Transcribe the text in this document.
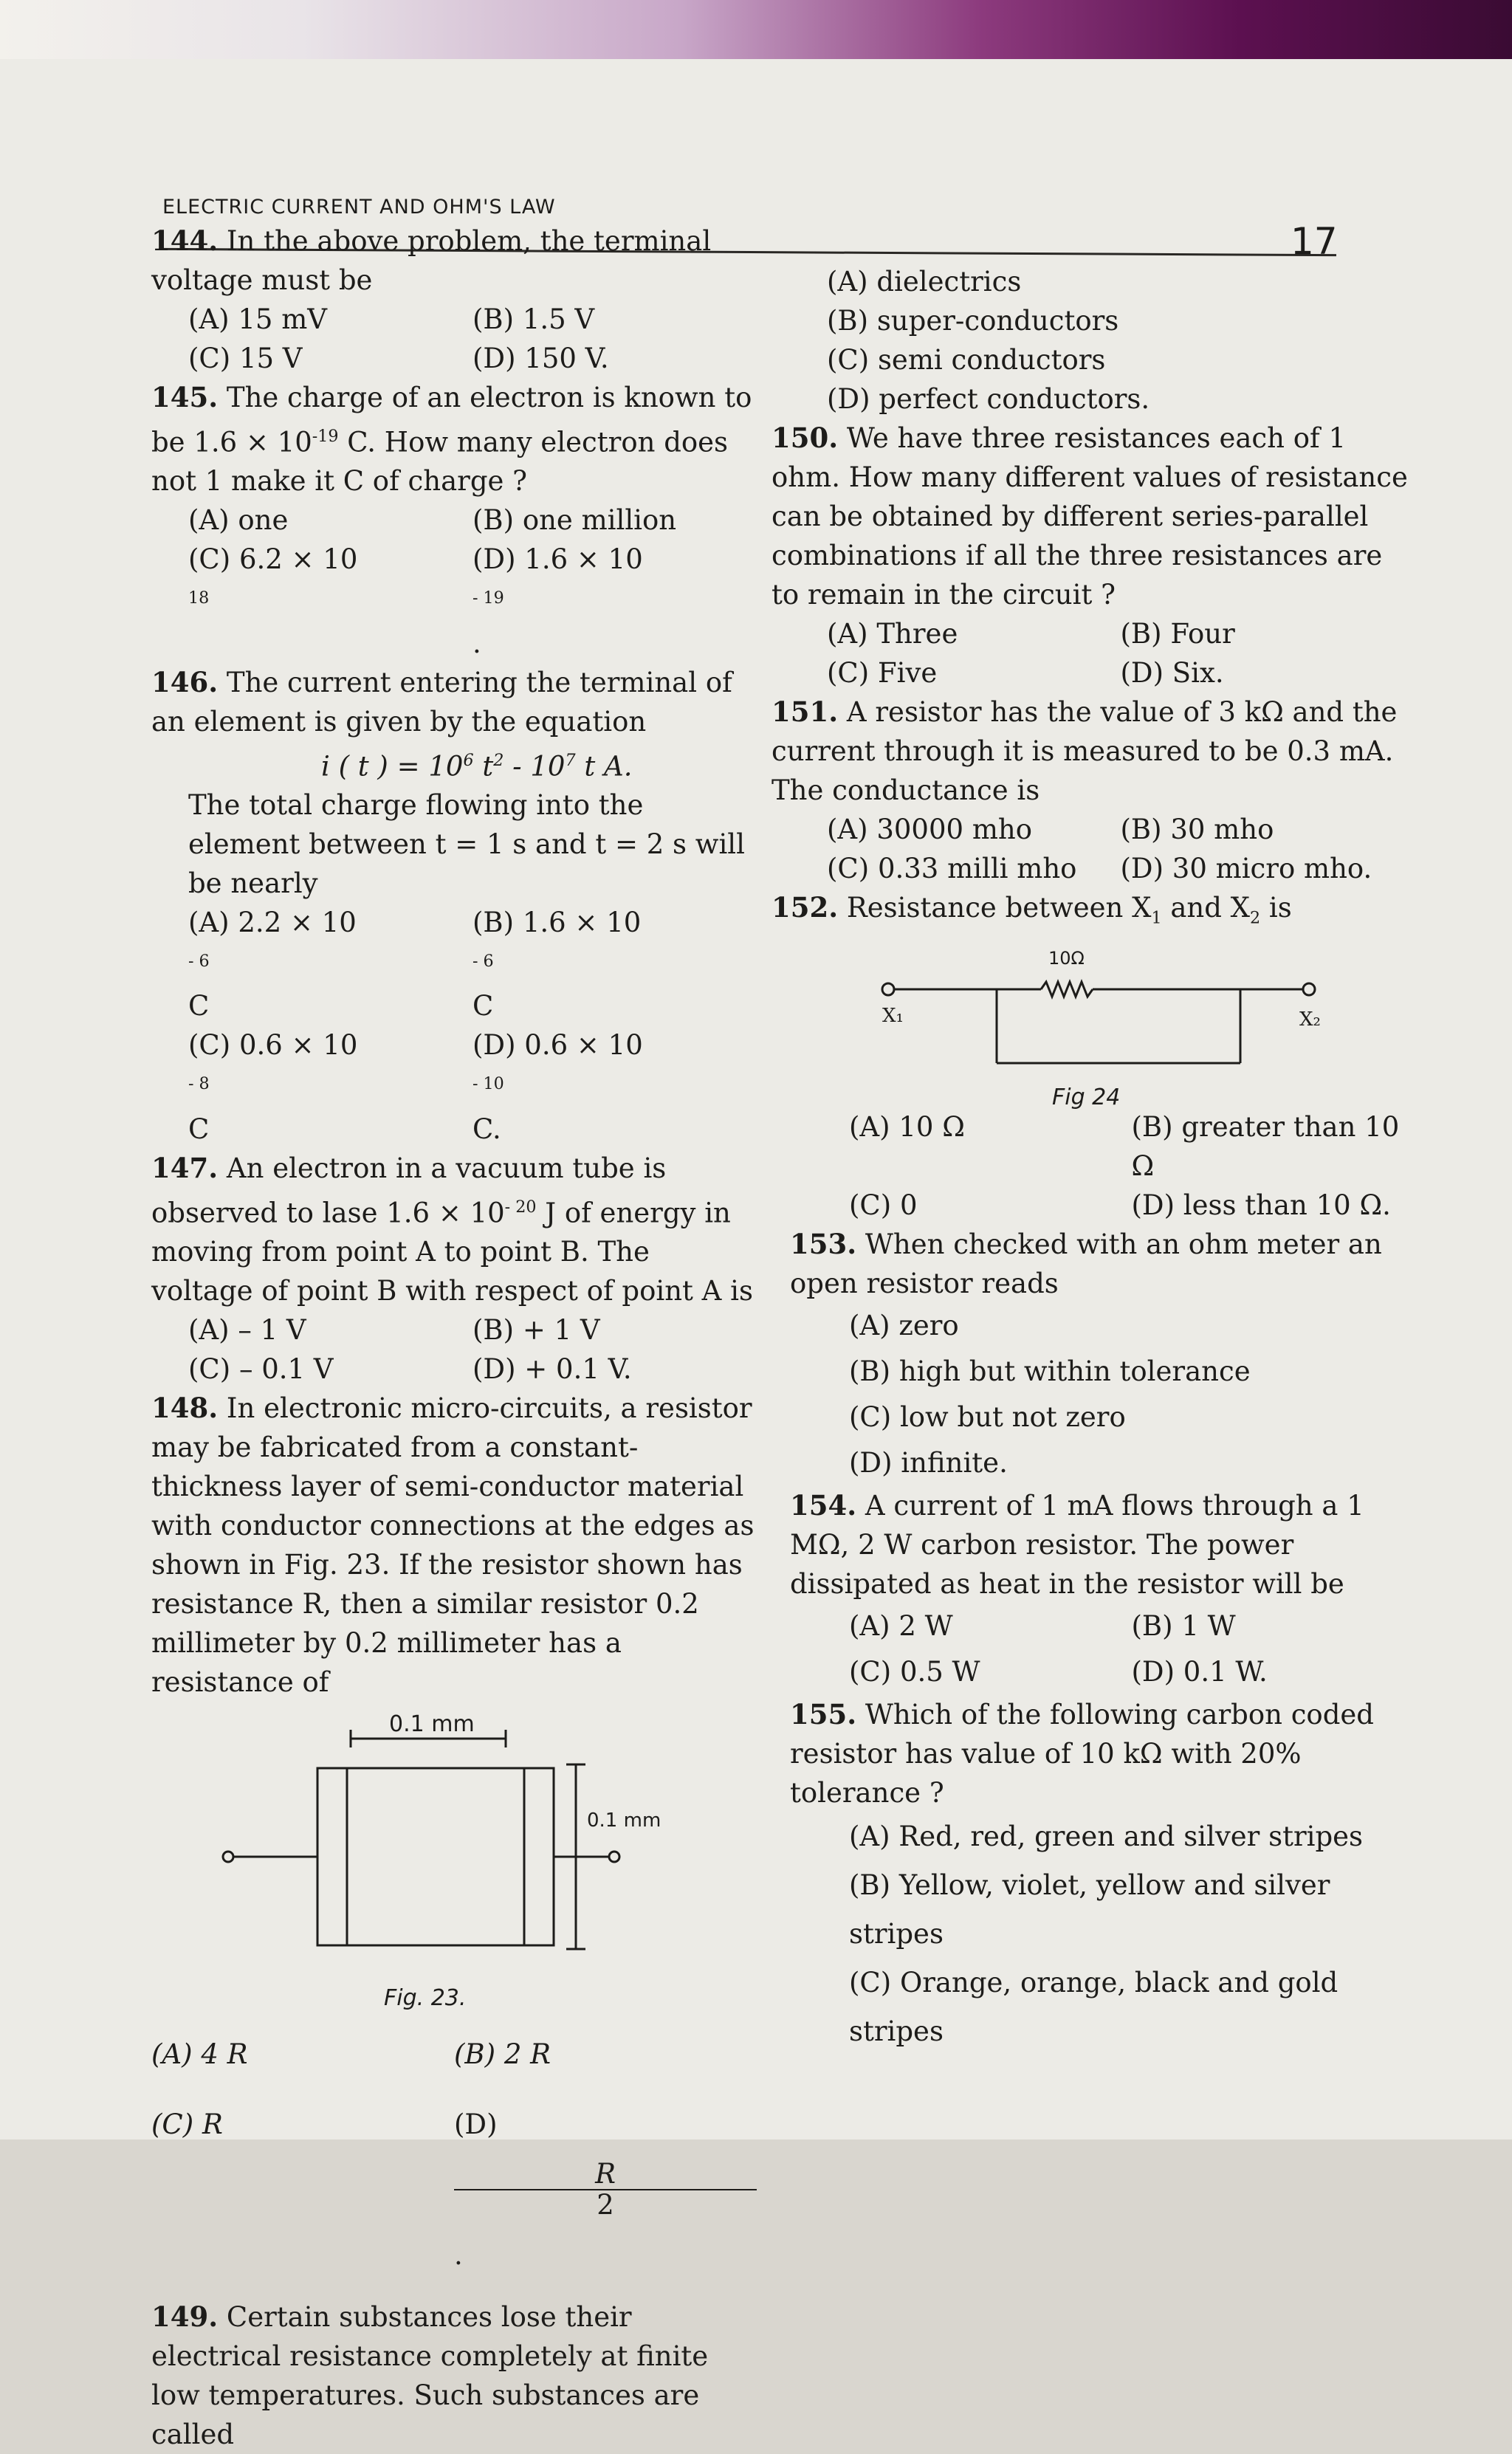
ELECTRIC CURRENT AND OHM'S LAW
17

144. In the above problem, the terminal voltage must be

(A) 15 mV	(B) 1.5 V
(C) 15 V	(D) 150 V.

145. The charge of an electron is known to be $1.6 \times 10^{-19}$ C. How many electron does not 1 make it C of charge ?

(A) one	(B) one million
(C) 6.2 × 10
$^{18}$
(D) 1.6 × 10
$^{- 19}$
.

146. The current entering the terminal of an element is given by the equation

i ( t ) = $10^6$ $t^2 - 10^7$ t A.

The total charge flowing into the element between t = 1 s and t = 2 s will be nearly

(A) 2.2 × 10
$^{- 6}$
C
(B) 1.6 × 10
$^{- 6}$
C
(C) 0.6 × 10
$^{- 8}$
C
(D) 0.6 × 10
$^{- 10}$
C.

147. An electron in a vacuum tube is observed to lase $1.6 \times 10^{- 20}$ J of energy in moving from point A to point B. The voltage of point B with respect of point A is

(A) – 1 V	(B) + 1 V
(C) – 0.1 V	(D) + 0.1 V.

148. In electronic micro-circuits, a resistor may be fabricated from a constant-thickness layer of semi-conductor material with conductor connections at the edges as shown in Fig. 23. If the resistor shown has resistance R, then a similar resistor 0.2 millimeter by 0.2 millimeter has a resistance of

0.1 mm
0.1 mm
Fig. 23.
(A) 4 R	(B) 2 R
(C) R	(D)
R
2
.

149. Certain substances lose their electrical resistance completely at finite low temperatures. Such substances are called

(A) dielectrics

(B) super-conductors

(C) semi conductors

(D) perfect conductors.

150. We have three resistances each of 1 ohm. How many different values of resistance can be obtained by different series-parallel combinations if all the three resistances are to remain in the circuit ?

(A) Three	(B) Four
(C) Five	(D) Six.

151. A resistor has the value of 3 kΩ and the current through it is measured to be 0.3 mA. The conductance is

(A) 30000 mho	(B) 30 mho
(C) 0.33 milli mho	(D) 30 micro mho.

152. Resistance between $X_1$ and $X_2$ is

10Ω
X₁	X₂
Fig 24
(A) 10 Ω	(B) greater than 10 Ω
(C) 0	(D) less than 10 Ω.

153. When checked with an ohm meter an open resistor reads

(A) zero

(B) high but within tolerance

(C) low but not zero

(D) infinite.

154. A current of 1 mA flows through a 1 MΩ, 2 W carbon resistor. The power dissipated as heat in the resistor will be

(A) 2 W	(B) 1 W
(C) 0.5 W	(D) 0.1 W.

155. Which of the following carbon coded resistor has value of 10 kΩ with 20% tolerance ?

(A) Red, red, green and silver stripes

(B) Yellow, violet, yellow and silver stripes

(C) Orange, orange, black and gold stripes
